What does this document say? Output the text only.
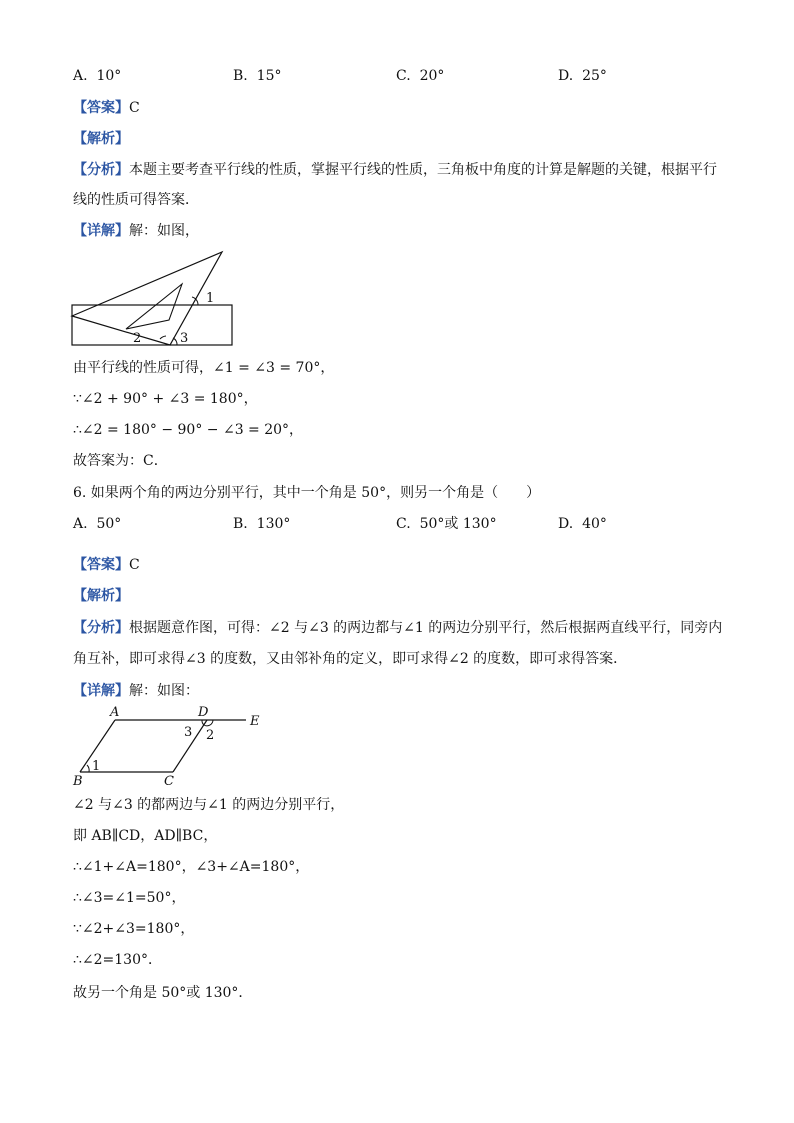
A. 10°	B. 15°	C. 20°	D. 25°
【答案】C
【解析】
【分析】本题主要考查平行线的性质，掌握平行线的性质，三角板中角度的计算是解题的关键，根据平行
线的性质可得答案．
【详解】解：如图，
1
2	3
由平行线的性质可得，∠1 = ∠3 = 70°，
∵∠2 + 90° + ∠3 = 180°，
∴∠2 = 180° − 90° − ∠3 = 20°，
故答案为：C．
6. 如果两个角的两边分别平行，其中一个角是 50°，则另一个角是（　　）
A. 50°	B. 130°	C. 50°或 130°	D. 40°
【答案】C
【解析】
【分析】根据题意作图，可得：∠2 与∠3 的两边都与∠1 的两边分别平行，然后根据两直线平行，同旁内
角互补，即可求得∠3 的度数，又由邻补角的定义，即可求得∠2 的度数，即可求得答案．
【详解】解：如图：
A
B	C
D
E
1
3 2
∠2 与∠3 的都两边与∠1 的两边分别平行，
即 AB∥CD，AD∥BC，
∴∠1+∠A=180°，∠3+∠A=180°，
∴∠3=∠1=50°，
∵∠2+∠3=180°，
∴∠2=130°．
故另一个角是 50°或 130°．
